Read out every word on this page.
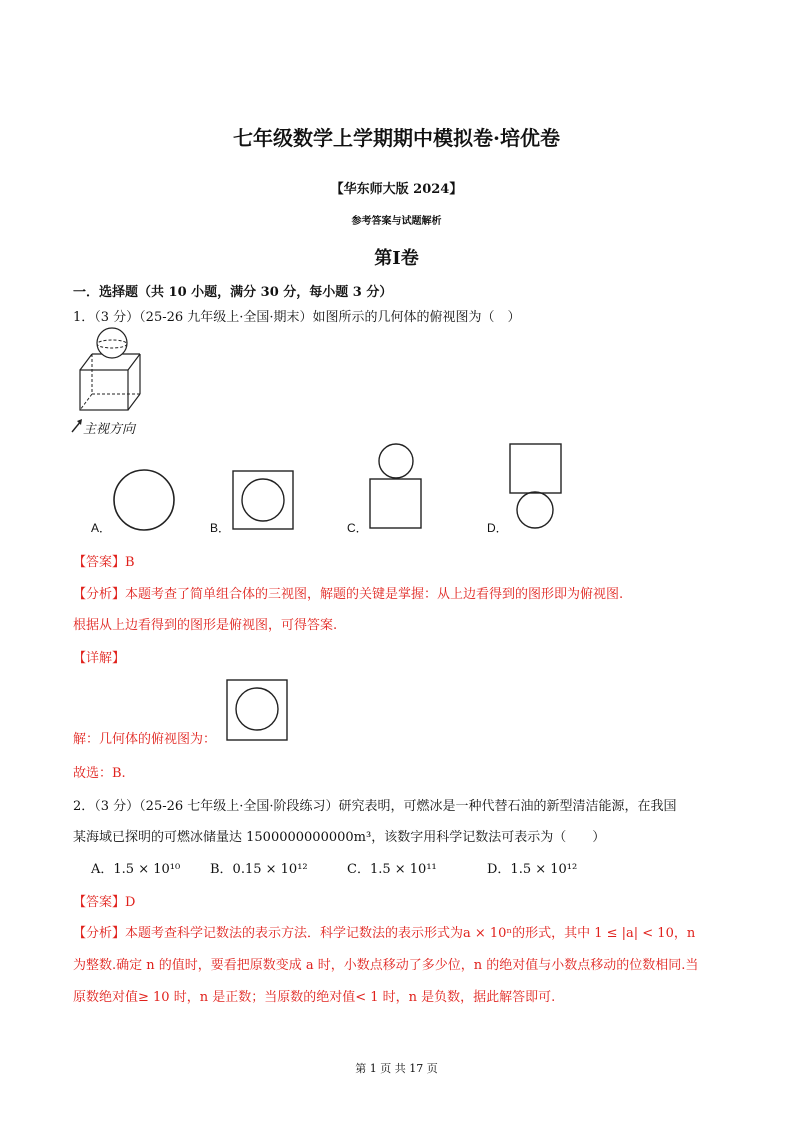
七年级数学上学期期中模拟卷·培优卷
【华东师大版 2024】
参考答案与试题解析
第I卷
一．选择题（共 10 小题，满分 30 分，每小题 3 分）
1．（3 分）（25-26 九年级上·全国·期末）如图所示的几何体的俯视图为（　）
主视方向
A．	B．	C．	D．
【答案】B
【分析】本题考查了简单组合体的三视图，解题的关键是掌握：从上边看得到的图形即为俯视图.
根据从上边看得到的图形是俯视图，可得答案.
【详解】
解：几何体的俯视图为：
故选：B.
2．（3 分）（25-26 七年级上·全国·阶段练习）研究表明，可燃冰是一种代替石油的新型清洁能源，在我国
某海域已探明的可燃冰储量达 1500000000000m³，该数字用科学记数法可表示为（　　）
A．1.5 × 10¹⁰ B．0.15 × 10¹²	C．1.5 × 10¹¹	D．1.5 × 10¹²
【答案】D
【分析】本题考查科学记数法的表示方法．科学记数法的表示形式为a × 10ⁿ的形式，其中 1 ≤ |a| < 10，n
为整数.确定 n 的值时，要看把原数变成 a 时，小数点移动了多少位，n 的绝对值与小数点移动的位数相同.当
原数绝对值≥ 10 时，n 是正数；当原数的绝对值< 1 时，n 是负数，据此解答即可.
第 1 页 共 17 页
